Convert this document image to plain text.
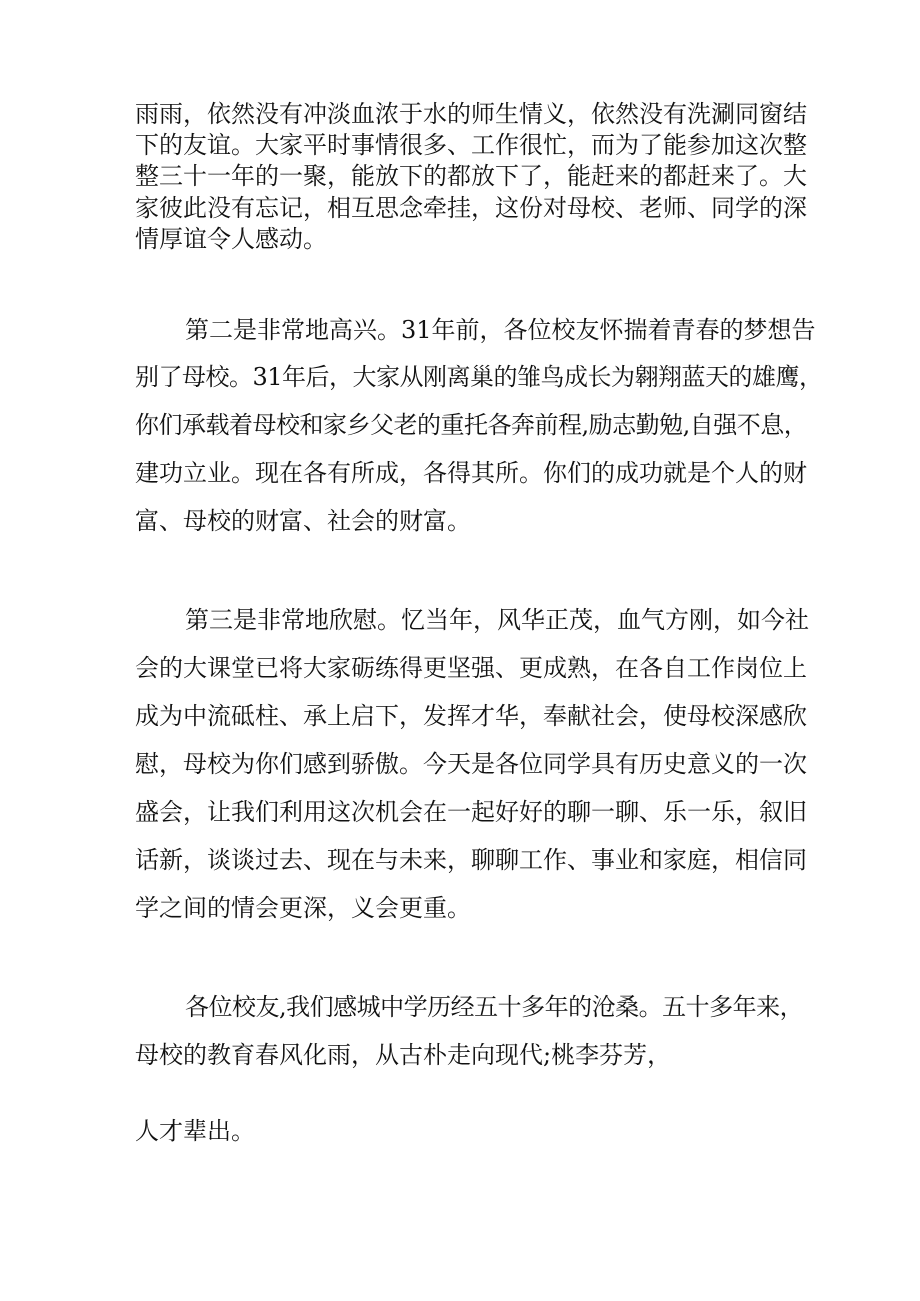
雨雨，依然没有冲淡血浓于水的师生情义，依然没有洗涮同窗结
下的友谊。大家平时事情很多、工作很忙，而为了能参加这次整
整三十一年的一聚，能放下的都放下了，能赶来的都赶来了。大
家彼此没有忘记，相互思念牵挂，这份对母校、老师、同学的深
情厚谊令人感动。
第二是非常地高兴。31年前，各位校友怀揣着青春的梦想告
别了母校。31年后，大家从刚离巢的雏鸟成长为翱翔蓝天的雄鹰，
你们承载着母校和家乡父老的重托各奔前程,励志勤勉,自强不息，
建功立业。现在各有所成，各得其所。你们的成功就是个人的财
富、母校的财富、社会的财富。
第三是非常地欣慰。忆当年，风华正茂，血气方刚，如今社
会的大课堂已将大家砺练得更坚强、更成熟，在各自工作岗位上
成为中流砥柱、承上启下，发挥才华，奉献社会，使母校深感欣
慰，母校为你们感到骄傲。今天是各位同学具有历史意义的一次
盛会，让我们利用这次机会在一起好好的聊一聊、乐一乐，叙旧
话新，谈谈过去、现在与未来，聊聊工作、事业和家庭，相信同
学之间的情会更深，义会更重。
各位校友,我们感城中学历经五十多年的沧桑。五十多年来，
母校的教育春风化雨，从古朴走向现代;桃李芬芳，
人才辈出。
